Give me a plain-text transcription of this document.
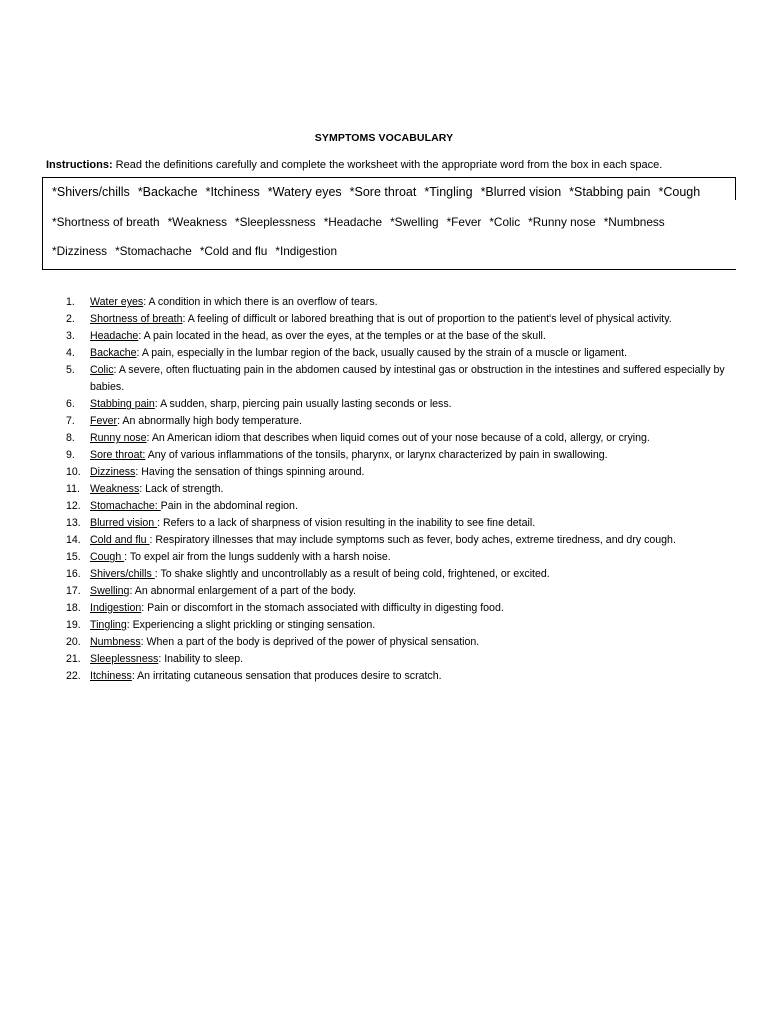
SYMPTOMS VOCABULARY
Instructions: Read the definitions carefully and complete the worksheet with the appropriate word from the box in each space.
*Shivers/chills *Backache *Itchiness *Watery eyes *Sore throat *Tingling *Blurred vision *Stabbing pain *Cough
*Shortness of breath *Weakness *Sleeplessness *Headache *Swelling *Fever *Colic *Runny nose *Numbness
*Dizziness *Stomachache *Cold and flu *Indigestion
1.	Water eyes: A condition in which there is an overflow of tears.
2.	Shortness of breath: A feeling of difficult or labored breathing that is out of proportion to the patient's level of physical activity.
3.	Headache: A pain located in the head, as over the eyes, at the temples or at the base of the skull.
4.	Backache: A pain, especially in the lumbar region of the back, usually caused by the strain of a muscle or ligament.
5.	Colic: A severe, often fluctuating pain in the abdomen caused by intestinal gas or obstruction in the intestines and suffered especially by babies.
6.	Stabbing pain: A sudden, sharp, piercing pain usually lasting seconds or less.
7.	Fever: An abnormally high body temperature.
8.	Runny nose: An American idiom that describes when liquid comes out of your nose because of a cold, allergy, or crying.
9.	Sore throat: Any of various inflammations of the tonsils, pharynx, or larynx characterized by pain in swallowing.
10. Dizziness: Having the sensation of things spinning around.
11. Weakness: Lack of strength.
12. Stomachache: Pain in the abdominal region.
13. Blurred vision : Refers to a lack of sharpness of vision resulting in the inability to see fine detail.
14. Cold and flu : Respiratory illnesses that may include symptoms such as fever, body aches, extreme tiredness, and dry cough.
15. Cough : To expel air from the lungs suddenly with a harsh noise.
16. Shivers/chills : To shake slightly and uncontrollably as a result of being cold, frightened, or excited.
17. Swelling: An abnormal enlargement of a part of the body.
18. Indigestion: Pain or discomfort in the stomach associated with difficulty in digesting food.
19. Tingling: Experiencing a slight prickling or stinging sensation.
20. Numbness: When a part of the body is deprived of the power of physical sensation.
21. Sleeplessness: Inability to sleep.
22. Itchiness: An irritating cutaneous sensation that produces desire to scratch.
